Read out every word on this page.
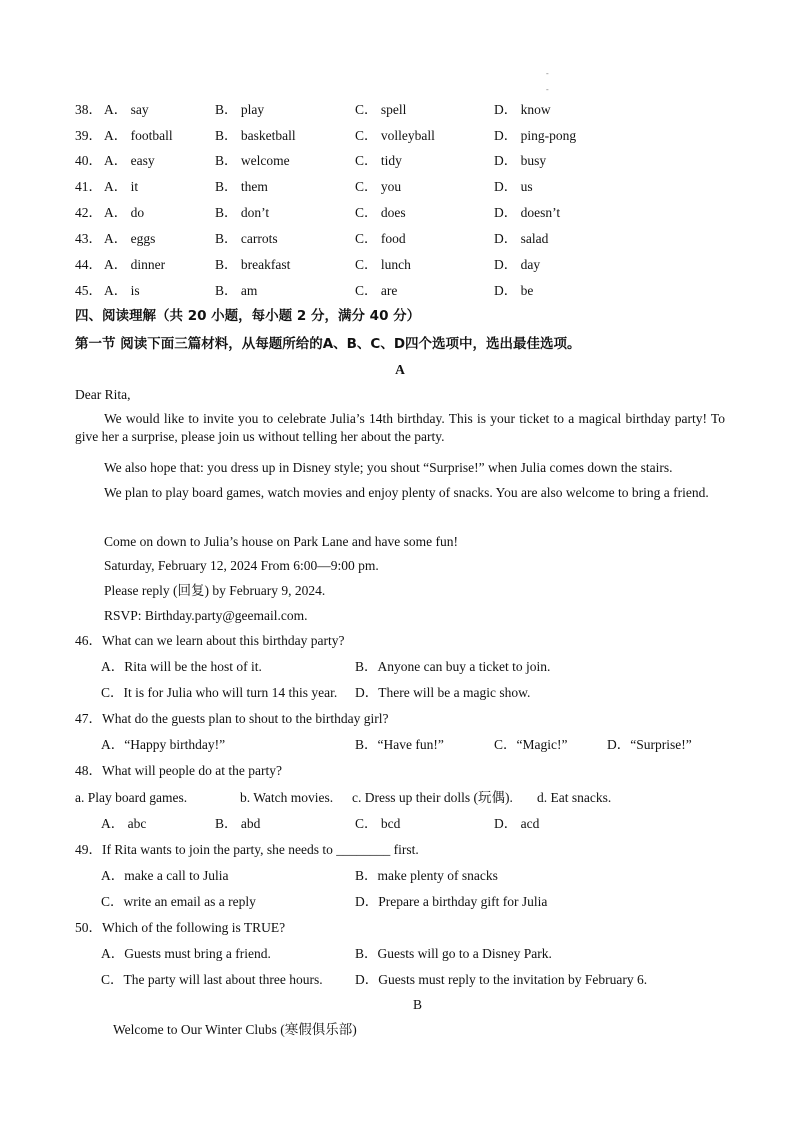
-
-
38． A． say	B． play	C． spell	D． know
39． A． football	B． basketball	C． volleyball	D． ping-pong
40． A． easy	B． welcome	C． tidy	D． busy
41． A． it	B． them	C． you	D． us
42． A． do	B． don’t	C． does	D． doesn’t
43． A． eggs	B． carrots	C． food	D． salad
44． A． dinner	B． breakfast	C． lunch	D． day
45． A． is	B． am	C． are	D． be
四、阅读理解（共 20 小题，每小题 2 分，满分 40 分）
第一节 阅读下面三篇材料，从每题所给的A、B、C、D四个选项中，选出最佳选项。
A
Dear Rita,
We would like to invite you to celebrate Julia’s 14th birthday. This is your ticket to a magical birthday party! To give her a surprise, please join us without telling her about the party.
We also hope that: you dress up in Disney style; you shout “Surprise!” when Julia comes down the stairs.
We plan to play board games, watch movies and enjoy plenty of snacks. You are also welcome to bring a friend.
Come on down to Julia’s house on Park Lane and have some fun!
Saturday, February 12, 2024 From 6:00—9:00 pm.
Please reply (回复) by February 9, 2024.
RSVP: Birthday.party@geemail.com.
46．What can we learn about this birthday party?
A．Rita will be the host of it.	B．Anyone can buy a ticket to join.
C．It is for Julia who will turn 14 this year. D．There will be a magic show.
47．What do the guests plan to shout to the birthday girl?
A．“Happy birthday!”	B．“Have fun!”	C．“Magic!”	D．“Surprise!”
48．What will people do at the party?
a. Play board games.	b. Watch movies. c. Dress up their dolls (玩偶). d. Eat snacks.
A． abc	B． abd	C． bcd	D． acd
49．If Rita wants to join the party, she needs to ________ first.
A．make a call to Julia	B．make plenty of snacks
C．write an email as a reply	D．Prepare a birthday gift for Julia
50．Which of the following is TRUE?
A．Guests must bring a friend.	B．Guests will go to a Disney Park.
C．The party will last about three hours. D．Guests must reply to the invitation by February 6.
B
Welcome to Our Winter Clubs (寒假俱乐部)
